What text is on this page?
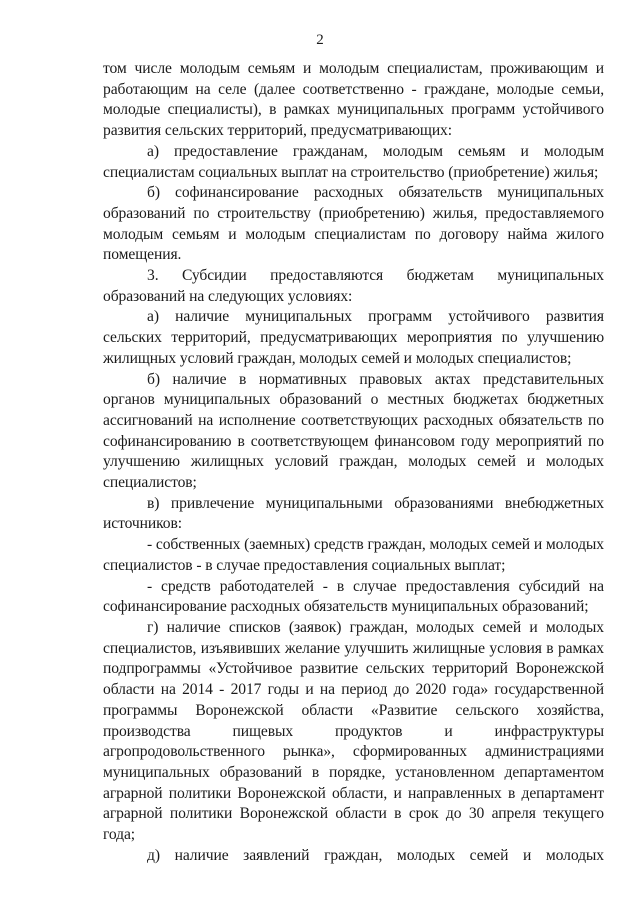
2

том числе молодым семьям и молодым специалистам, проживающим и работающим на селе (далее соответственно - граждане, молодые семьи, молодые специалисты), в рамках муниципальных программ устойчивого развития сельских территорий, предусматривающих:

а) предоставление гражданам, молодым семьям и молодым специалистам социальных выплат на строительство (приобретение) жилья;

б) софинансирование расходных обязательств муниципальных образований по строительству (приобретению) жилья, предоставляемого молодым семьям и молодым специалистам по договору найма жилого помещения.

3. Субсидии предоставляются бюджетам муниципальных образований на следующих условиях:

а) наличие муниципальных программ устойчивого развития сельских территорий, предусматривающих мероприятия по улучшению жилищных условий граждан, молодых семей и молодых специалистов;

б) наличие в нормативных правовых актах представительных органов муниципальных образований о местных бюджетах бюджетных ассигнований на исполнение соответствующих расходных обязательств по софинансированию в соответствующем финансовом году мероприятий по улучшению жилищных условий граждан, молодых семей и молодых специалистов;

в) привлечение муниципальными образованиями внебюджетных источников:

- собственных (заемных) средств граждан, молодых семей и молодых специалистов - в случае предоставления социальных выплат;

- средств работодателей - в случае предоставления субсидий на софинансирование расходных обязательств муниципальных образований;

г) наличие списков (заявок) граждан, молодых семей и молодых специалистов, изъявивших желание улучшить жилищные условия в рамках подпрограммы «Устойчивое развитие сельских территорий Воронежской области на 2014 - 2017 годы и на период до 2020 года» государственной программы Воронежской области «Развитие сельского хозяйства, производства пищевых продуктов и инфраструктуры агропродовольственного рынка», сформированных администрациями муниципальных образований в порядке, установленном департаментом аграрной политики Воронежской области, и направленных в департамент аграрной политики Воронежской области в срок до 30 апреля текущего года;

д) наличие заявлений граждан, молодых семей и молодых
